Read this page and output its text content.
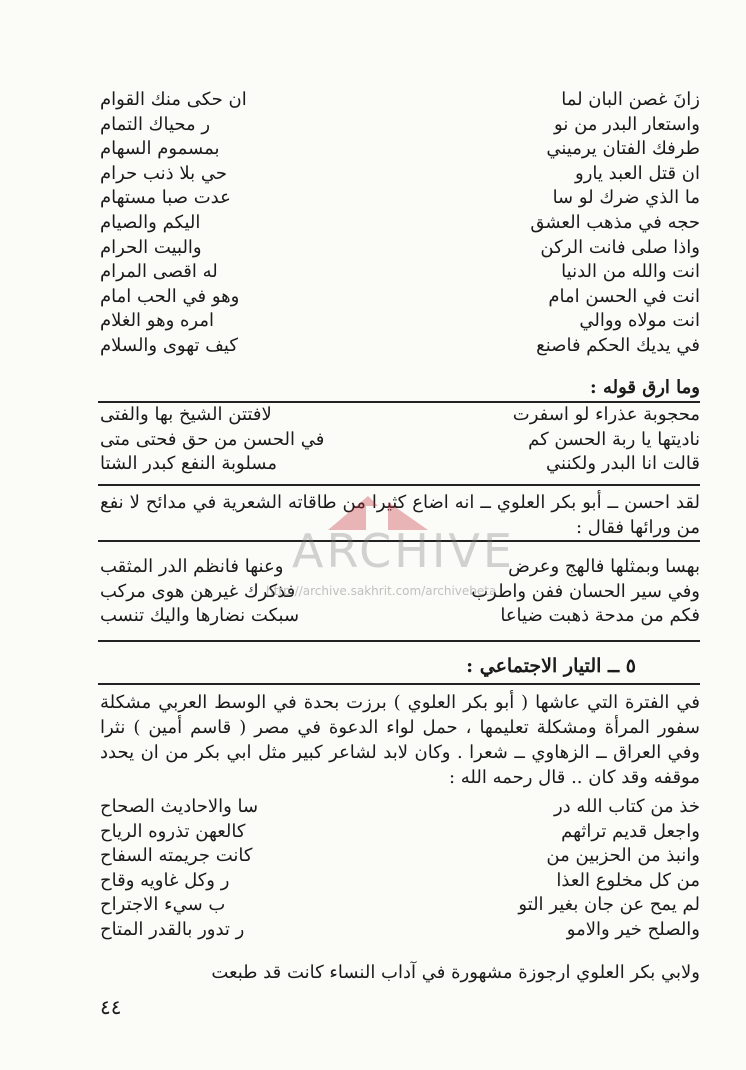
زانَ غصن البان لما
ان حكى منك القوام
واستعار البدر من نو
ر محياك التمام
طرفك الفتان يرميني
بمسموم السهام
ان قتل العبد يارو
حي بلا ذنب حرام
ما الذي ضرك لو سا
عدت صبا مستهام
حجه في مذهب العشق
اليكم والصيام
واذا صلى فانت الركن
والبيت الحرام
انت والله من الدنيا
له اقصى المرام
انت في الحسن امام
وهو في الحب امام
انت مولاه ووالي
امره وهو الغلام
في يديك الحكم فاصنع
كيف تهوى والسلام
وما ارق قوله :
محجوبة عذراء لو اسفرت
لافتتن الشيخ بها والفتى
ناديتها يا ربة الحسن كم
في الحسن من حق فحتى متى
قالت انا البدر ولكنني
مسلوبة النفع كبدر الشتا
لقد احسن ــ أبو بكر العلوي ــ انه اضاع كثيرا من طاقاته الشعرية في مدائح لا نفع من ورائها فقال :
بهسا وبمثلها فالهج وعرض
وعنها فانظم الدر المثقب
وفي سير الحسان ففن واطرب
فذكرك غيرهن هوى مركب
فكم من مدحة ذهبت ضياعا
سبكت نضارها واليك تنسب
٥ ــ التيار الاجتماعي :
في الفترة التي عاشها ( أبو بكر العلوي ) برزت بحدة في الوسط العربي مشكلة سفور المرأة ومشكلة تعليمها ، حمل لواء الدعوة في مصر ( قاسم أمين ) نثرا وفي العراق ــ الزهاوي ــ شعرا . وكان لابد لشاعر كبير مثل ابي بكر من ان يحدد موقفه وقد كان .. قال رحمه الله :
خذ من كتاب الله در
سا والاحاديث الصحاح
واجعل قديم تراثهم
كالعهن تذروه الرياح
وانبذ من الحزبين من
كانت جريمته السفاح
من كل مخلوع العذا
ر وكل غاويه وقاح
لم يمح عن جان بغير التو
ب سيء الاجتراح
والصلح خير والامو
ر تدور بالقدر المتاح
ولابي بكر العلوي ارجوزة مشهورة في آداب النساء كانت قد طبعت
٤٤
ARCHIVE
http://archive.sakhrit.com/archivebeta
